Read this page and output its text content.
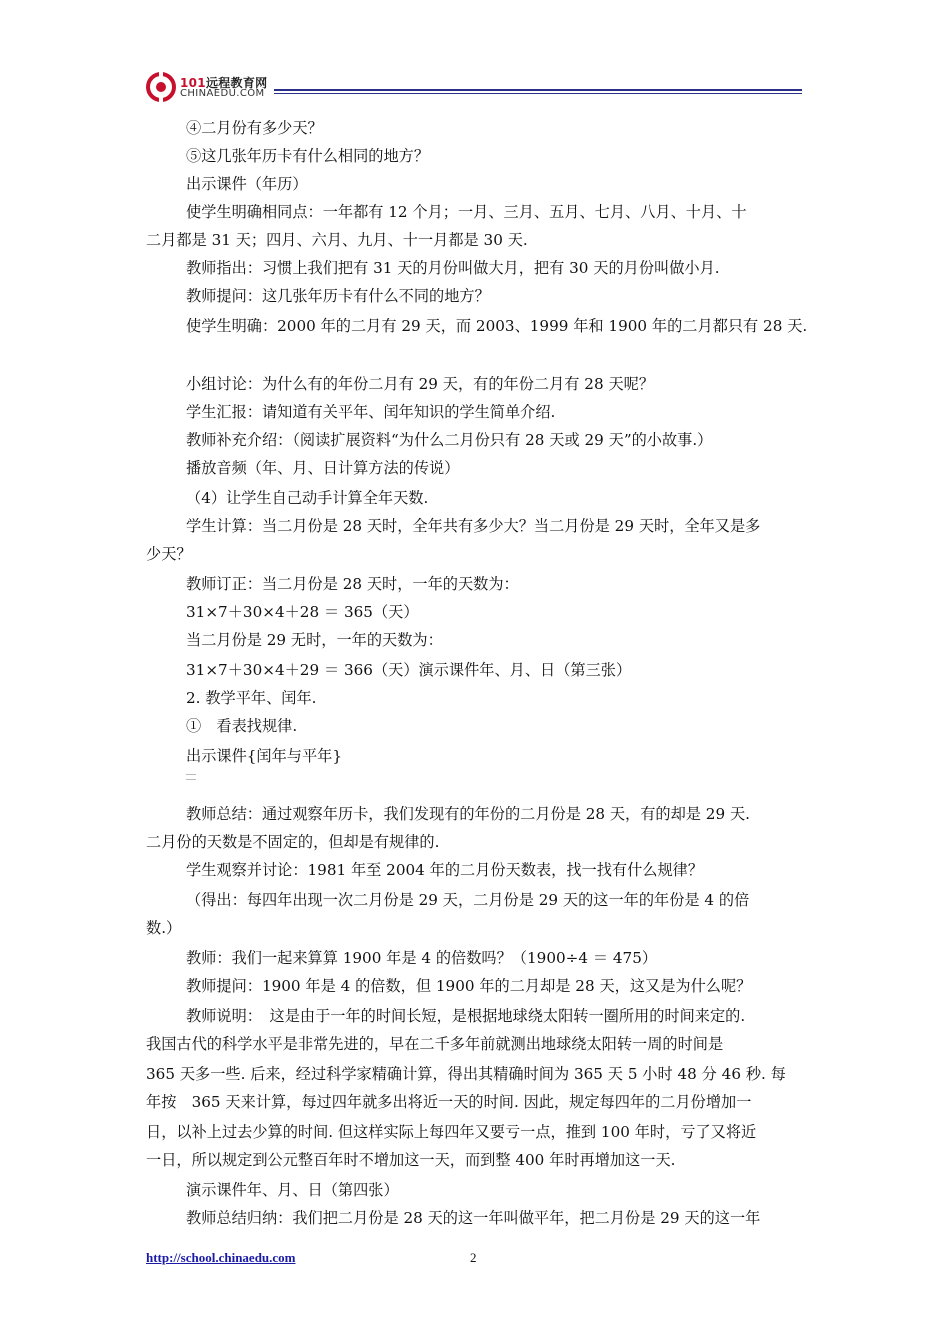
101远程教育网
CHINAEDU.COM
④二月份有多少天？
⑤这几张年历卡有什么相同的地方？
出示课件（年历）
使学生明确相同点：一年都有 12 个月；一月、三月、五月、七月、八月、十月、十
二月都是 31 天；四月、六月、九月、十一月都是 30 天.
教师指出：习惯上我们把有 31 天的月份叫做大月，把有 30 天的月份叫做小月.
教师提问：这几张年历卡有什么不同的地方？
使学生明确：2000 年的二月有 29 天，而 2003、1999 年和 1900 年的二月都只有 28 天.
小组讨论：为什么有的年份二月有 29 天，有的年份二月有 28 天呢？
学生汇报：请知道有关平年、闰年知识的学生简单介绍.
教师补充介绍：（阅读扩展资料“为什么二月份只有 28 天或 29 天”的小故事.）
播放音频（年、月、日计算方法的传说）
（4）让学生自己动手计算全年天数.
学生计算：当二月份是 28 天时，全年共有多少大？当二月份是 29 天时，全年又是多
少天？
教师订正：当二月份是 28 天时，一年的天数为：
31×7＋30×4＋28 ＝ 365（天）
当二月份是 29 无时，一年的天数为：
31×7＋30×4＋29 ＝ 366（天）演示课件年、月、日（第三张）
2. 教学平年、闰年.
①　看表找规律.
出示课件{闰年与平年}
教师总结：通过观察年历卡，我们发现有的年份的二月份是 28 天，有的却是 29 天.
二月份的天数是不固定的，但却是有规律的.
学生观察并讨论：1981 年至 2004 年的二月份天数表，找一找有什么规律？
（得出：每四年出现一次二月份是 29 天，二月份是 29 天的这一年的年份是 4 的倍
数.）
教师：我们一起来算算 1900 年是 4 的倍数吗？（1900÷4 ＝ 475）
教师提问：1900 年是 4 的倍数，但 1900 年的二月却是 28 天，这又是为什么呢？
教师说明：　这是由于一年的时间长短，是根据地球绕太阳转一圈所用的时间来定的.
我国古代的科学水平是非常先进的，早在二千多年前就测出地球绕太阳转一周的时间是
365 天多一些. 后来，经过科学家精确计算，得出其精确时间为 365 天 5 小时 48 分 46 秒. 每
年按　365 天来计算，每过四年就多出将近一天的时间. 因此，规定每四年的二月份增加一
日，以补上过去少算的时间. 但这样实际上每四年又要亏一点，推到 100 年时，亏了又将近
一日，所以规定到公元整百年时不增加这一天，而到整 400 年时再增加这一天.
演示课件年、月、日（第四张）
教师总结归纳：我们把二月份是 28 天的这一年叫做平年，把二月份是 29 天的这一年
http://school.chinaedu.com	2
